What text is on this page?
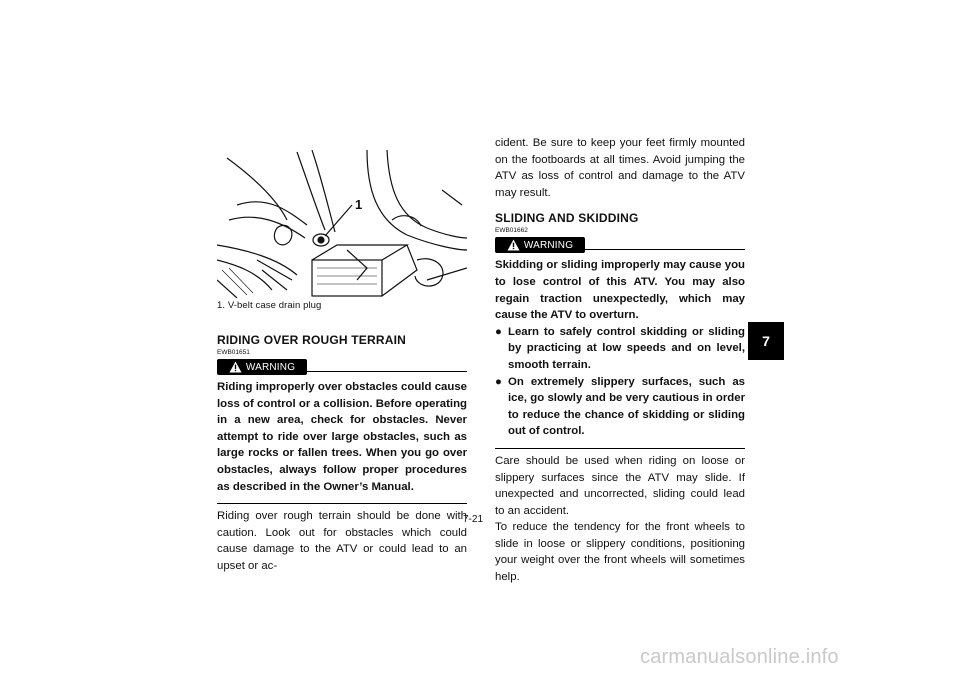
1
1. V-belt case drain plug
RIDING OVER ROUGH TERRAIN
EWB01651
WARNING
Riding improperly over obstacles could cause loss of control or a collision. Before operating in a new area, check for obstacles. Never attempt to ride over large obstacles, such as large rocks or fallen trees. When you go over obstacles, always follow proper procedures as described in the Owner’s Manual.
Riding over rough terrain should be done with caution. Look out for obstacles which could cause damage to the ATV or could lead to an upset or ac-
cident. Be sure to keep your feet firmly mounted on the footboards at all times. Avoid jumping the ATV as loss of control and damage to the ATV may result.
SLIDING AND SKIDDING
EWB01662
WARNING
Skidding or sliding improperly may cause you to lose control of this ATV. You may also regain traction unexpectedly, which may cause the ATV to overturn.
● Learn to safely control skidding or sliding by practicing at low speeds and on level, smooth terrain.
● On extremely slippery surfaces, such as ice, go slowly and be very cautious in order to reduce the chance of skidding or sliding out of control.
Care should be used when riding on loose or slippery surfaces since the ATV may slide. If unexpected and uncorrected, sliding could lead to an accident.
To reduce the tendency for the front wheels to slide in loose or slippery conditions, positioning your weight over the front wheels will sometimes help.
7-21
7
carmanualsonline.info
